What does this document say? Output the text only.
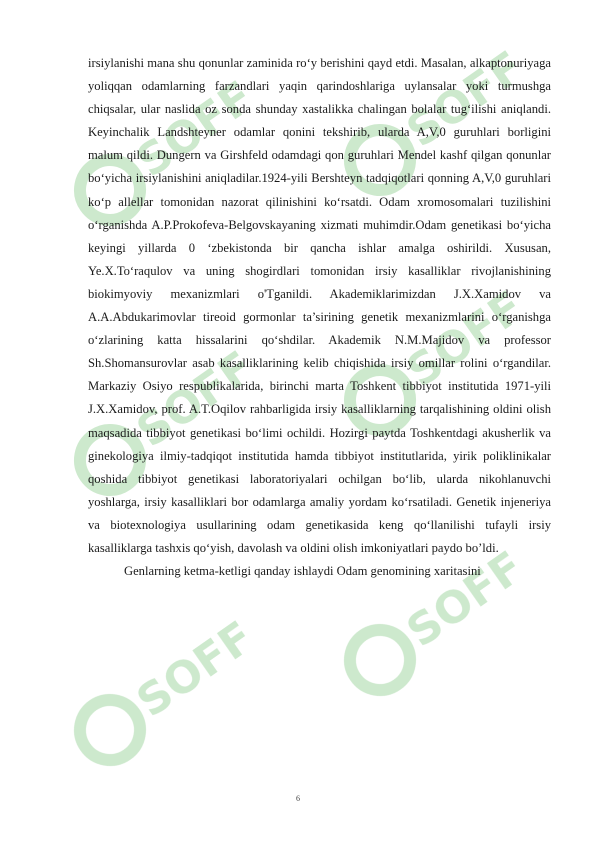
SOFF	SOFF
SOFF
SOFF
SOFF
SOFF

irsiylanishi mana shu qonunlar zaminida ro‘y berishini qayd etdi. Masalan, alkaptonuriyaga yoliqqan odamlarning farzandlari yaqin qarindoshlariga uylansalar yoki turmushga chiqsalar, ular naslida oz sonda shunday xastalikka chalingan bolalar tug‘ilishi aniqlandi. Keyinchalik Landshteyner odamlar qonini tekshirib, ularda A,V,0 guruhlari borligini malum qildi. Dungern va Girshfeld odamdagi qon guruhlari Mendel kashf qilgan qonunlar bo‘yicha irsiylanishini aniqladilar.1924-yili Bershteyn tadqiqotlari qonning A,V,0 guruhlari ko‘p allellar tomonidan nazorat qilinishini ko‘rsatdi. Odam xromosomalari tuzilishini o‘rganishda A.P.Prokofeva-Belgovskayaning xizmati muhimdir.Odam genetikasi bo‘yicha keyingi yillarda 0 ‘zbekistonda bir qancha ishlar amalga oshirildi. Xususan, Ye.X.To‘raqulov va uning shogirdlari tomonidan irsiy kasalliklar rivojlanishining biokimyoviy mexanizmlari o'Tganildi. Akademiklarimizdan J.X.Xamidov va A.A.Abdukarimovlar tireoid gormonlar ta’sirining genetik mexanizmlarini o‘rganishga o‘zlarining katta hissalarini qo‘shdilar. Akademik N.M.Majidov va professor Sh.Shomansurovlar asab kasalliklarining kelib chiqishida irsiy omillar rolini o‘rgandilar. Markaziy Osiyo respublikalarida, birinchi marta Toshkent tibbiyot institutida 1971-yili J.X.Xamidov, prof. A.T.Oqilov rahbarligida irsiy kasalliklarning tarqalishining oldini olish maqsadida tibbiyot genetikasi bo‘limi ochildi. Hozirgi paytda Toshkentdagi akusherlik va ginekologiya ilmiy-tadqiqot institutida hamda tibbiyot institutlarida, yirik poliklinikalar qoshida tibbiyot genetikasi laboratoriyalari ochilgan bo‘lib, ularda nikohlanuvchi yoshlarga, irsiy kasalliklari bor odamlarga amaliy yordam ko‘rsatiladi. Genetik injeneriya va biotexnologiya usullarining odam genetikasida keng qo‘llanilishi tufayli irsiy kasalliklarga tashxis qo‘yish, davolash va oldini olish imkoniyatlari paydo bo’ldi.

Genlarning ketma-ketligi qanday ishlaydi Odam genomining xaritasini

6
